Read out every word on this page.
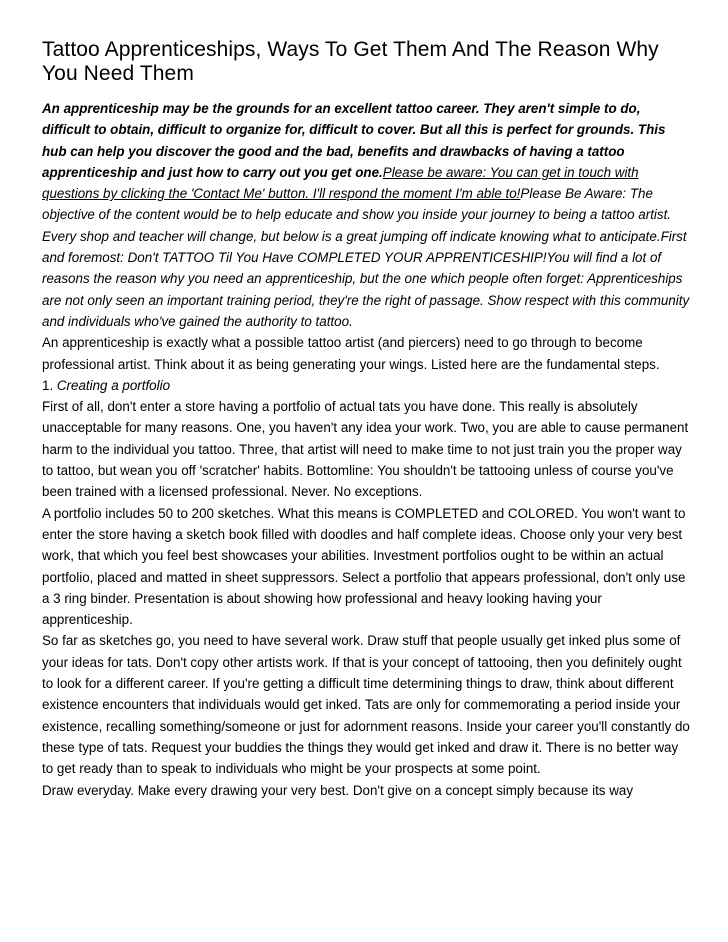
Tattoo Apprenticeships, Ways To Get Them And The Reason Why You Need Them

An apprenticeship may be the grounds for an excellent tattoo career. They aren't simple to do, difficult to obtain, difficult to organize for, difficult to cover. But all this is perfect for grounds. This hub can help you discover the good and the bad, benefits and drawbacks of having a tattoo apprenticeship and just how to carry out you get one.Please be aware: You can get in touch with questions by clicking the 'Contact Me' button. I'll respond the moment I'm able to!Please Be Aware: The objective of the content would be to help educate and show you inside your journey to being a tattoo artist. Every shop and teacher will change, but below is a great jumping off indicate knowing what to anticipate.First and foremost: Don't TATTOO Til You Have COMPLETED YOUR APPRENTICESHIP!You will find a lot of reasons the reason why you need an apprenticeship, but the one which people often forget: Apprenticeships are not only seen an important training period, they're the right of passage. Show respect with this community and individuals who've gained the authority to tattoo.

An apprenticeship is exactly what a possible tattoo artist (and piercers) need to go through to become professional artist. Think about it as being generating your wings. Listed here are the fundamental steps.

1. Creating a portfolio

First of all, don't enter a store having a portfolio of actual tats you have done. This really is absolutely unacceptable for many reasons. One, you haven't any idea your work. Two, you are able to cause permanent harm to the individual you tattoo. Three, that artist will need to make time to not just train you the proper way to tattoo, but wean you off 'scratcher' habits. Bottomline: You shouldn't be tattooing unless of course you've been trained with a licensed professional. Never. No exceptions.

A portfolio includes 50 to 200 sketches. What this means is COMPLETED and COLORED. You won't want to enter the store having a sketch book filled with doodles and half complete ideas. Choose only your very best work, that which you feel best showcases your abilities. Investment portfolios ought to be within an actual portfolio, placed and matted in sheet suppressors. Select a portfolio that appears professional, don't only use a 3 ring binder. Presentation is about showing how professional and heavy looking having your apprenticeship.

So far as sketches go, you need to have several work. Draw stuff that people usually get inked plus some of your ideas for tats. Don't copy other artists work. If that is your concept of tattooing, then you definitely ought to look for a different career. If you're getting a difficult time determining things to draw, think about different existence encounters that individuals would get inked. Tats are only for commemorating a period inside your existence, recalling something/someone or just for adornment reasons. Inside your career you'll constantly do these type of tats. Request your buddies the things they would get inked and draw it. There is no better way to get ready than to speak to individuals who might be your prospects at some point.

Draw everyday. Make every drawing your very best. Don't give on a concept simply because its way
